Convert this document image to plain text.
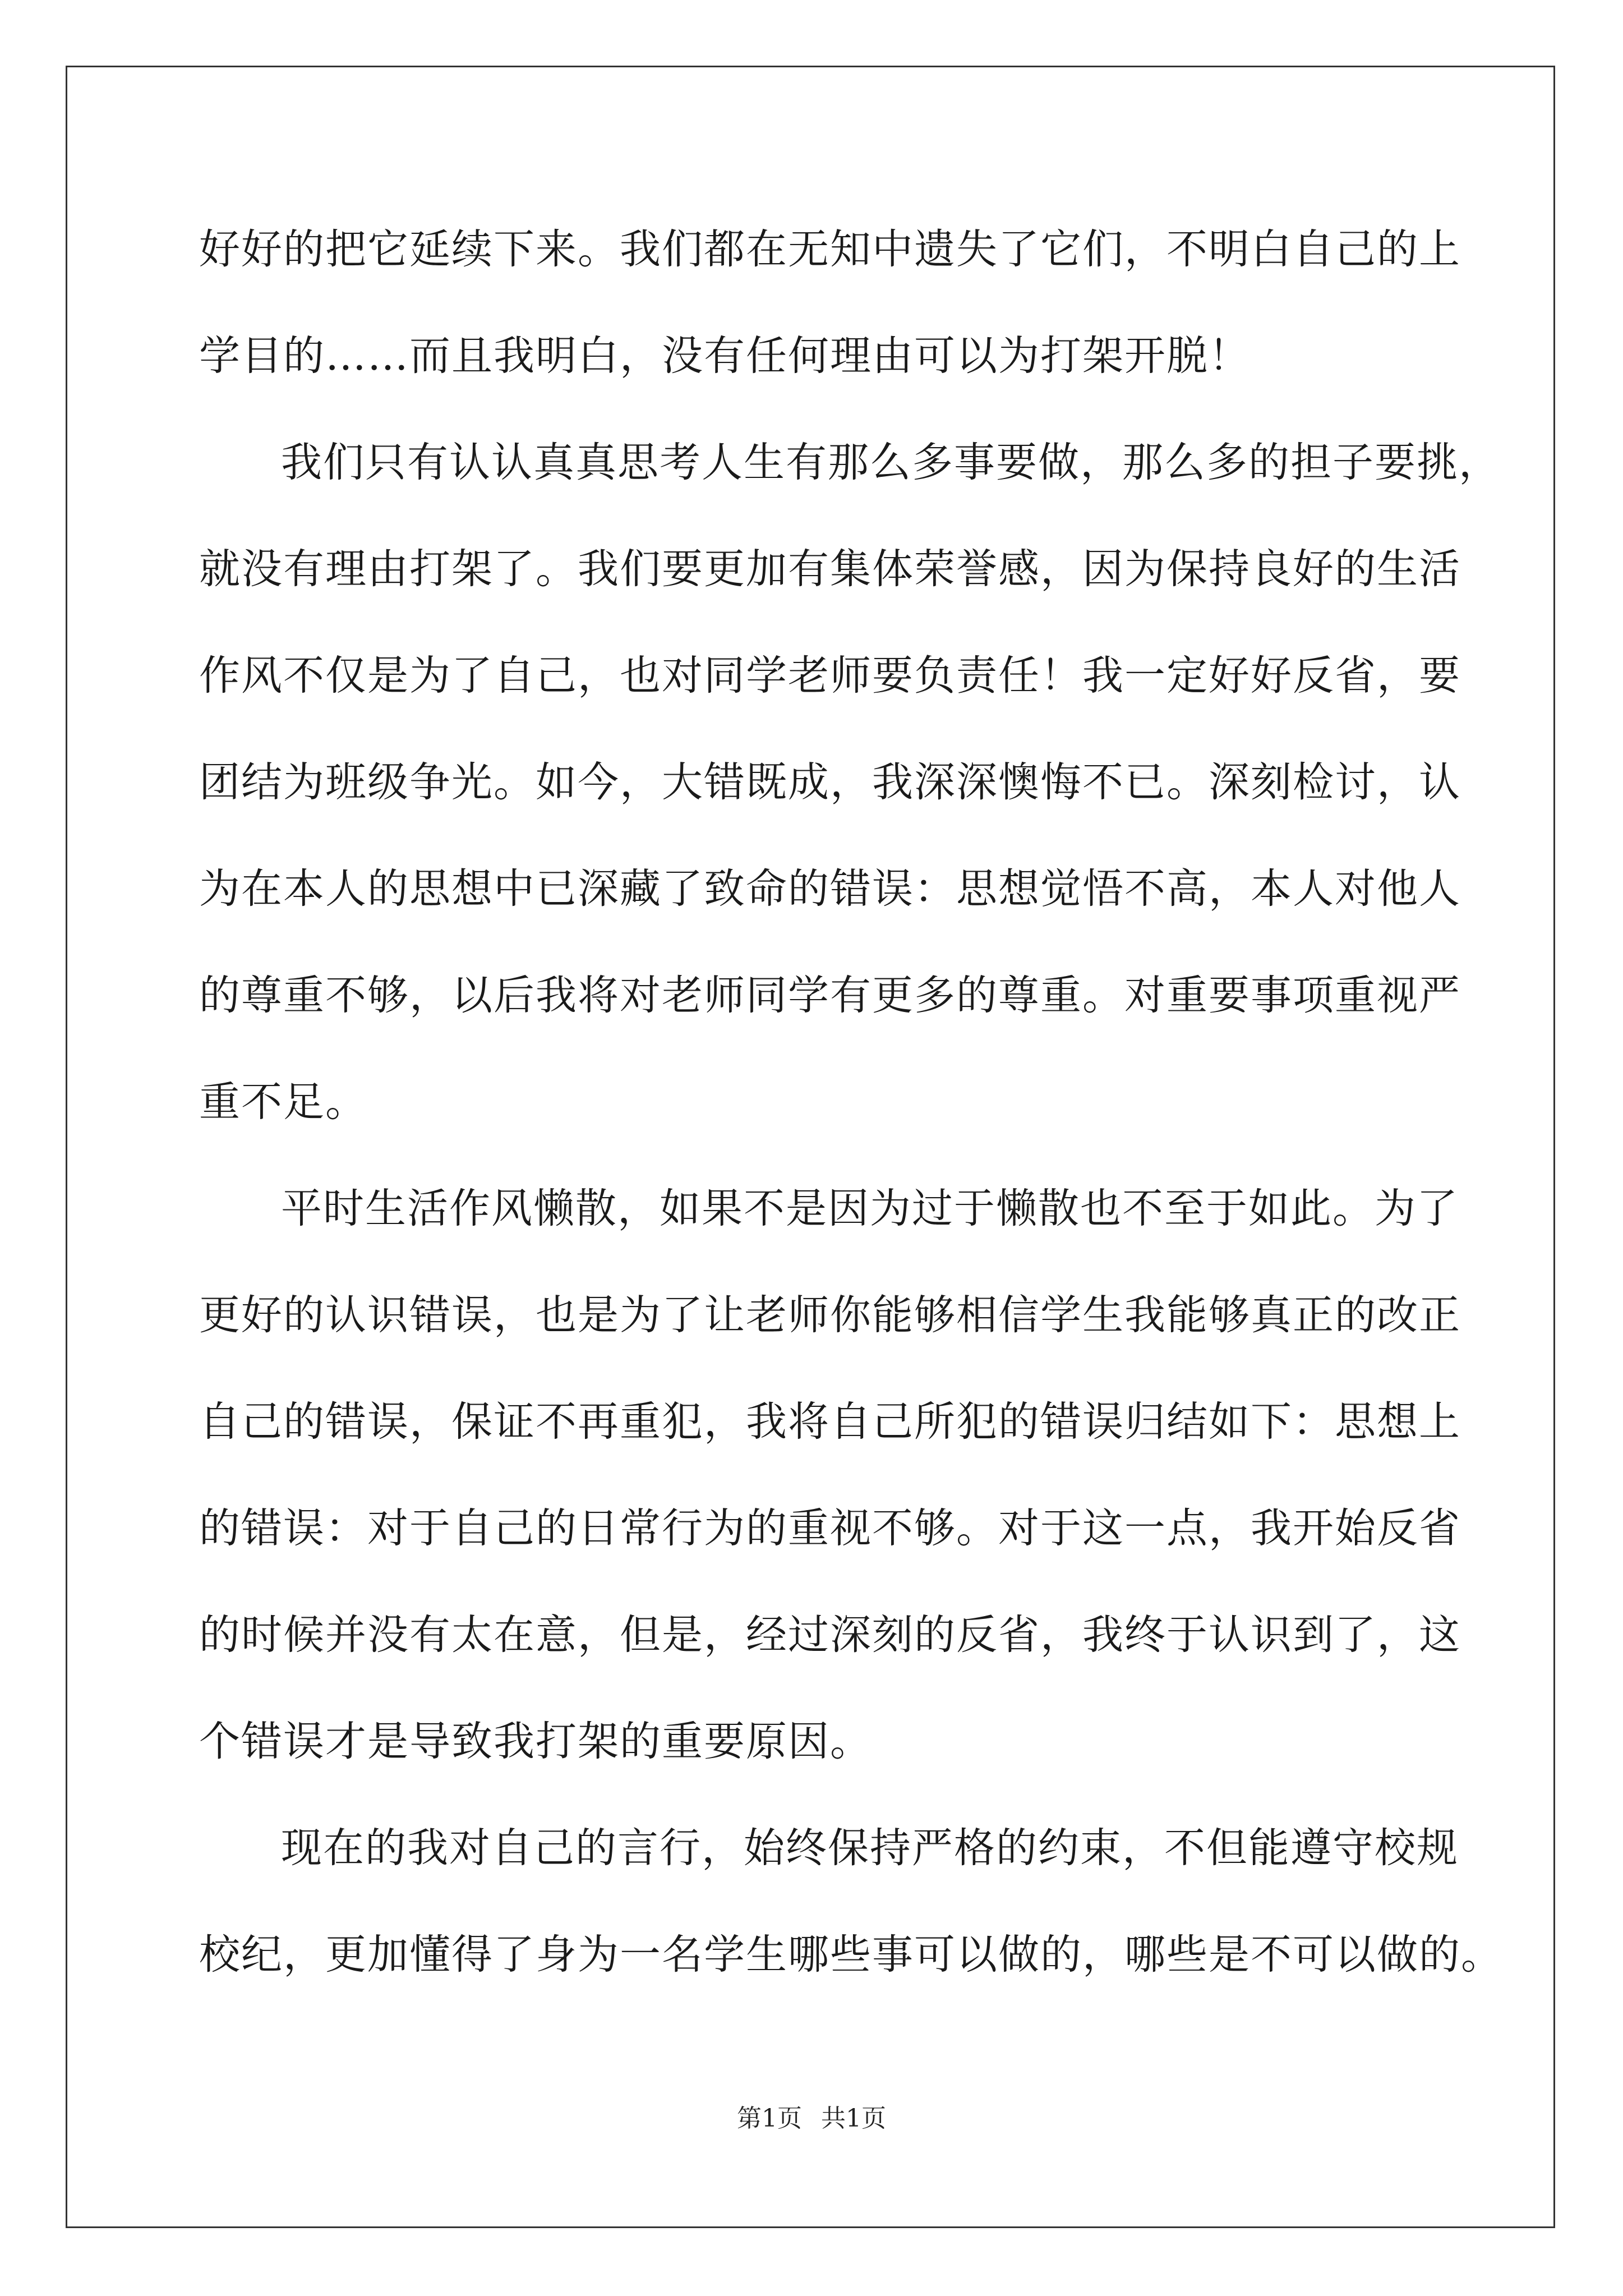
好好的把它延续下来。我们都在无知中遗失了它们，不明白自己的上
学目的……而且我明白，没有任何理由可以为打架开脱！
我们只有认认真真思考人生有那么多事要做，那么多的担子要挑，
就没有理由打架了。我们要更加有集体荣誉感，因为保持良好的生活
作风不仅是为了自己，也对同学老师要负责任！我一定好好反省，要
团结为班级争光。如今，大错既成，我深深懊悔不已。深刻检讨，认
为在本人的思想中已深藏了致命的错误：思想觉悟不高，本人对他人
的尊重不够，以后我将对老师同学有更多的尊重。对重要事项重视严
重不足。
平时生活作风懒散，如果不是因为过于懒散也不至于如此。为了
更好的认识错误，也是为了让老师你能够相信学生我能够真正的改正
自己的错误，保证不再重犯，我将自己所犯的错误归结如下：思想上
的错误：对于自己的日常行为的重视不够。对于这一点，我开始反省
的时候并没有太在意，但是，经过深刻的反省，我终于认识到了，这
个错误才是导致我打架的重要原因。
现在的我对自己的言行，始终保持严格的约束，不但能遵守校规
校纪，更加懂得了身为一名学生哪些事可以做的，哪些是不可以做的。
第1页 共1页
